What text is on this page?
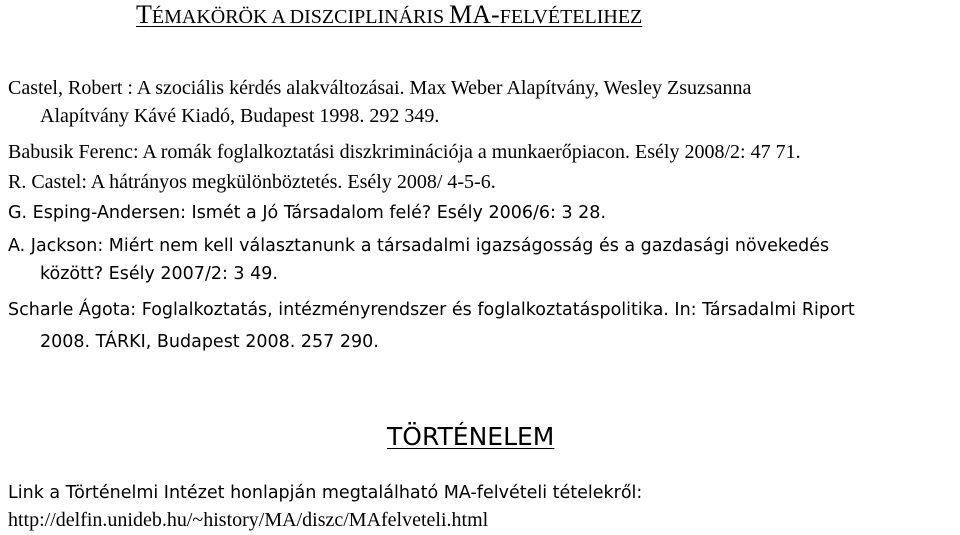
TÉMAKÖRÖK A DISZCIPLINÁRIS MA-FELVÉTELIHEZ
Castel, Robert : A szociális kérdés alakváltozásai. Max Weber Alapítvány, Wesley Zsuzsanna
Alapítvány Kávé Kiadó, Budapest 1998. 292 349.
Babusik Ferenc: A romák foglalkoztatási diszkriminációja a munkaerőpiacon. Esély 2008/2: 47 71.
R. Castel: A hátrányos megkülönböztetés. Esély 2008/ 4-5-6.
G. Esping-Andersen: Ismét a Jó Társadalom felé? Esély 2006/6: 3 28.
A. Jackson: Miért nem kell választanunk a társadalmi igazságosság és a gazdasági növekedés
között? Esély 2007/2: 3 49.
Scharle Ágota: Foglalkoztatás, intézményrendszer és foglalkoztatáspolitika. In: Társadalmi Riport
2008. TÁRKI, Budapest 2008. 257 290.
TÖRTÉNELEM
Link a Történelmi Intézet honlapján megtalálható MA-felvételi tételekről:
http://delfin.unideb.hu/~history/MA/diszc/MAfelveteli.html
